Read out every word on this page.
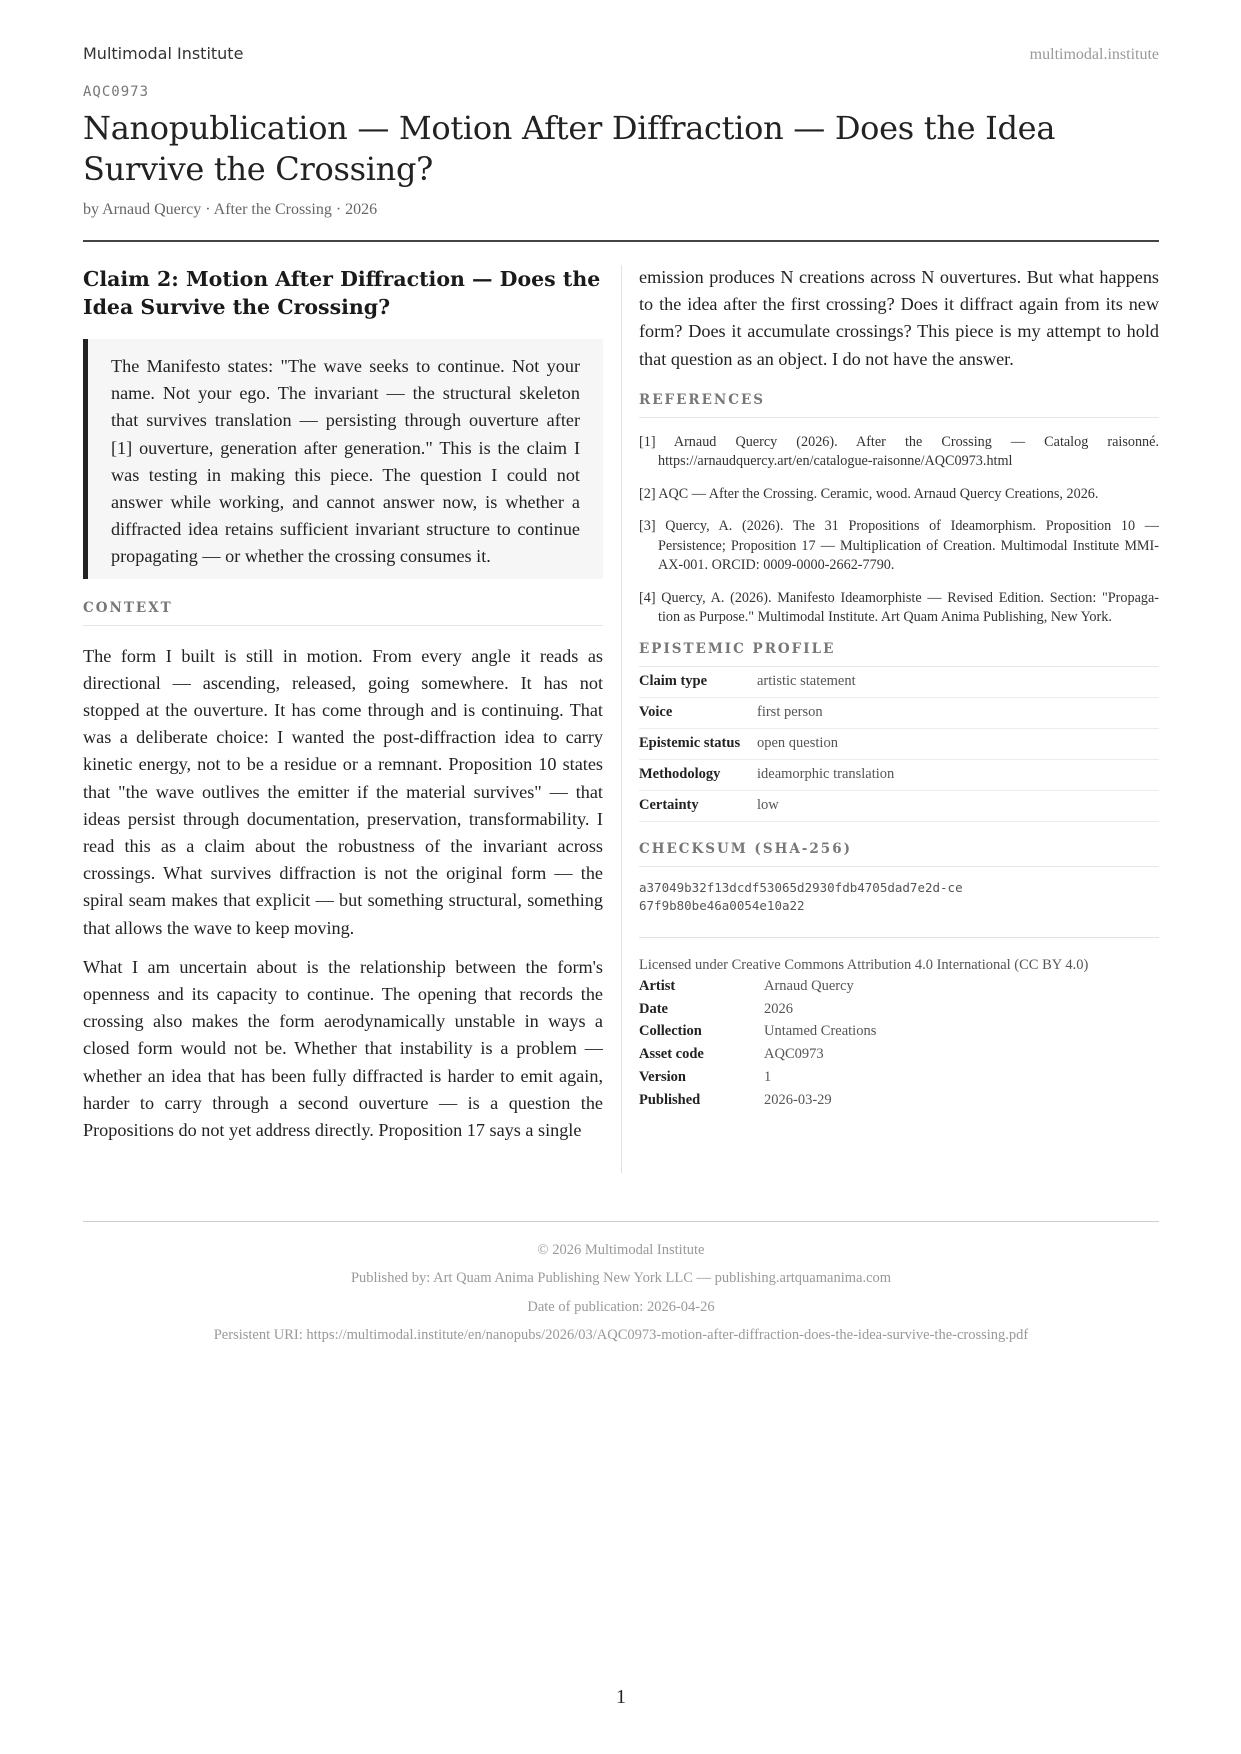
Multimodal Institute	multimodal.institute
AQC0973
Nanopublication — Motion After Diffraction — Does the Idea Survive the Crossing?
by Arnaud Quercy · After the Crossing · 2026
Claim 2: Motion After Diffraction — Does the Idea Survive the Crossing?

The Manifesto states: "The wave seeks to continue. Not your name. Not your ego. The invariant — the structural skeleton that survives translation — persisting through ouverture after [1] ouverture, generation after generation." This is the claim I was testing in making this piece. The question I could not answer while working, and cannot answer now, is whether a diffracted idea retains sufficient invariant structure to continue propagating — or whether the crossing consumes it.

CONTEXT

The form I built is still in motion. From every angle it reads as directional — ascending, released, going somewhere. It has not stopped at the ouverture. It has come through and is continuing. That was a deliberate choice: I wanted the post-diffraction idea to carry kinetic energy, not to be a residue or a remnant. Proposition 10 states that "the wave outlives the emitter if the material survives" — that ideas persist through documentation, preservation, transformability. I read this as a claim about the robustness of the invariant across crossings. What survives diffraction is not the original form — the spiral seam makes that explicit — but something structural, something that allows the wave to keep moving.

What I am uncertain about is the relationship between the form's openness and its capacity to continue. The opening that records the crossing also makes the form aerodynamically unstable in ways a closed form would not be. Whether that instability is a problem — whether an idea that has been fully diffracted is harder to emit again, harder to carry through a second ouverture — is a question the Propositions do not yet address directly. Proposition 17 says a single

emission produces N creations across N ouvertures. But what happens to the idea after the first crossing? Does it diffract again from its new form? Does it accumulate crossings? This piece is my attempt to hold that question as an object. I do not have the answer.

REFERENCES
[1] Arnaud Quercy (2026). After the Crossing — Catalog raisonné. https://arnaudquercy.art/en/catalogue-raisonne/AQC0973.html
[2] AQC — After the Crossing. Ceramic, wood. Arnaud Quercy Creations, 2026.
[3] Quercy, A. (2026). The 31 Propositions of Ideamorphism. Proposition 10 — Persistence; Proposition 17 — Multiplication of Creation. Multimodal Institute MMI-AX-001. ORCID: 0009-0000-2662-7790.
[4] Quercy, A. (2026). Manifesto Ideamorphiste — Revised Edition. Section: "Propaga-tion as Purpose." Multimodal Institute. Art Quam Anima Publishing, New York.
EPISTEMIC PROFILE
Claim type	artistic statement
Voice	first person
Epistemic status	open question
Methodology	ideamorphic translation
Certainty	low
CHECKSUM (SHA-256)
a37049b32f13dcdf53065d2930fdb4705dad7e2d-ce67f9b80be46a0054e10a22
Licensed under Creative Commons Attribution 4.0 International (CC BY 4.0)
Artist	Arnaud Quercy
Date	2026
Collection	Untamed Creations
Asset code	AQC0973
Version	1
Published	2026-03-29
© 2026 Multimodal Institute
Published by: Art Quam Anima Publishing New York LLC — publishing.artquamanima.com
Date of publication: 2026-04-26
Persistent URI: https://multimodal.institute/en/nanopubs/2026/03/AQC0973-motion-after-diffraction-does-the-idea-survive-the-crossing.pdf
1
